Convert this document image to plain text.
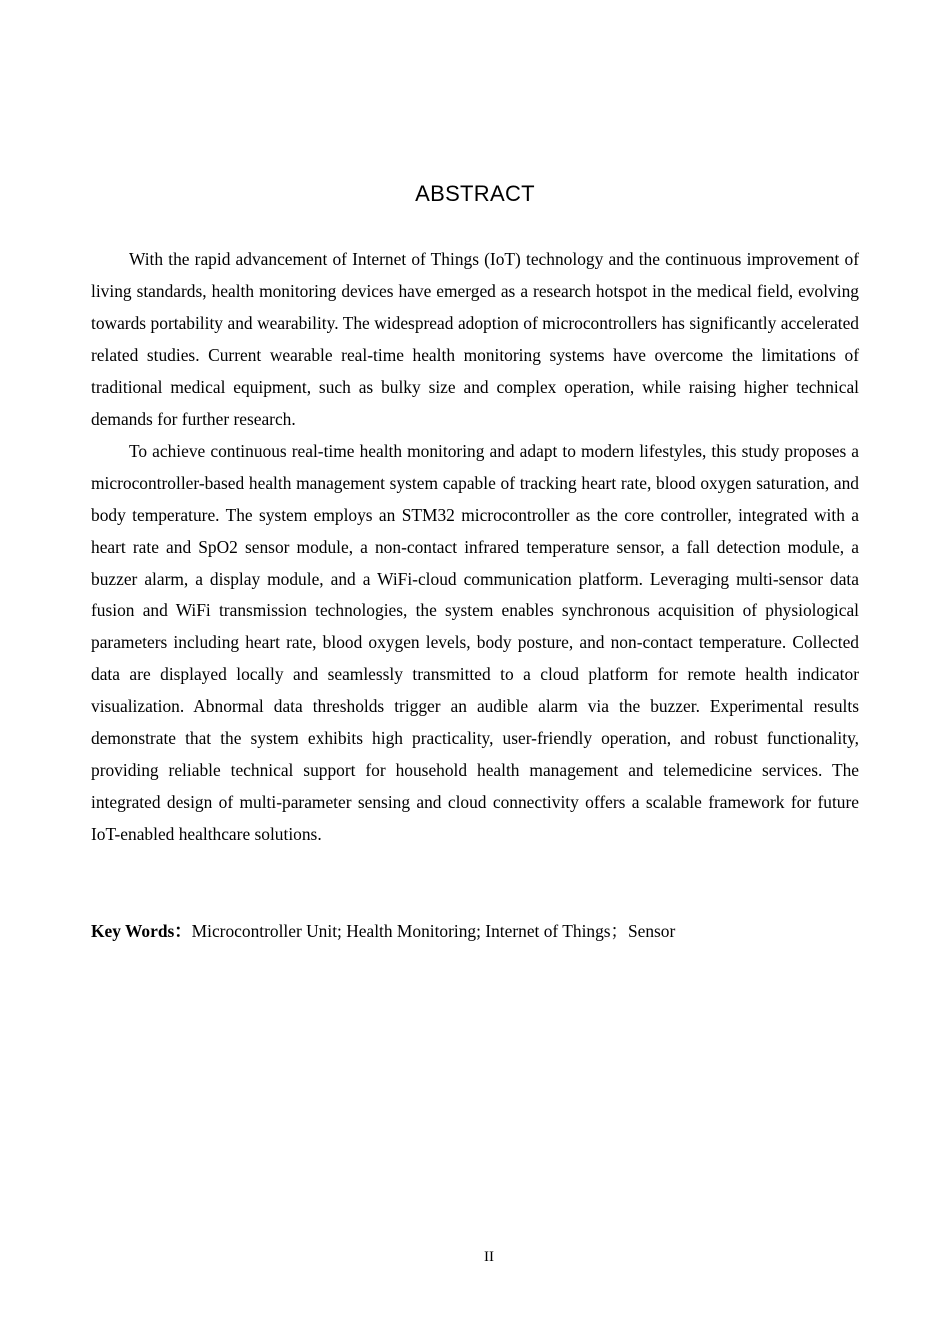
ABSTRACT

With the rapid advancement of Internet of Things (IoT) technology and the continuous improvement of living standards, health monitoring devices have emerged as a research hotspot in the medical field, evolving towards portability and wearability. The widespread adoption of microcontrollers has significantly accelerated related studies. Current wearable real-time health monitoring systems have overcome the limitations of traditional medical equipment, such as bulky size and complex operation, while raising higher technical demands for further research.

To achieve continuous real-time health monitoring and adapt to modern lifestyles, this study proposes a microcontroller-based health management system capable of tracking heart rate, blood oxygen saturation, and body temperature. The system employs an STM32 microcontroller as the core controller, integrated with a heart rate and SpO2 sensor module, a non-contact infrared temperature sensor, a fall detection module, a buzzer alarm, a display module, and a WiFi-cloud communication platform. Leveraging multi-sensor data fusion and WiFi transmission technologies, the system enables synchronous acquisition of physiological parameters including heart rate, blood oxygen levels, body posture, and non-contact temperature. Collected data are displayed locally and seamlessly transmitted to a cloud platform for remote health indicator visualization. Abnormal data thresholds trigger an audible alarm via the buzzer. Experimental results demonstrate that the system exhibits high practicality, user-friendly operation, and robust functionality, providing reliable technical support for household health management and telemedicine services. The integrated design of multi-parameter sensing and cloud connectivity offers a scalable framework for future IoT-enabled healthcare solutions.

Key Words：Microcontroller Unit; Health Monitoring; Internet of Things；Sensor
II
